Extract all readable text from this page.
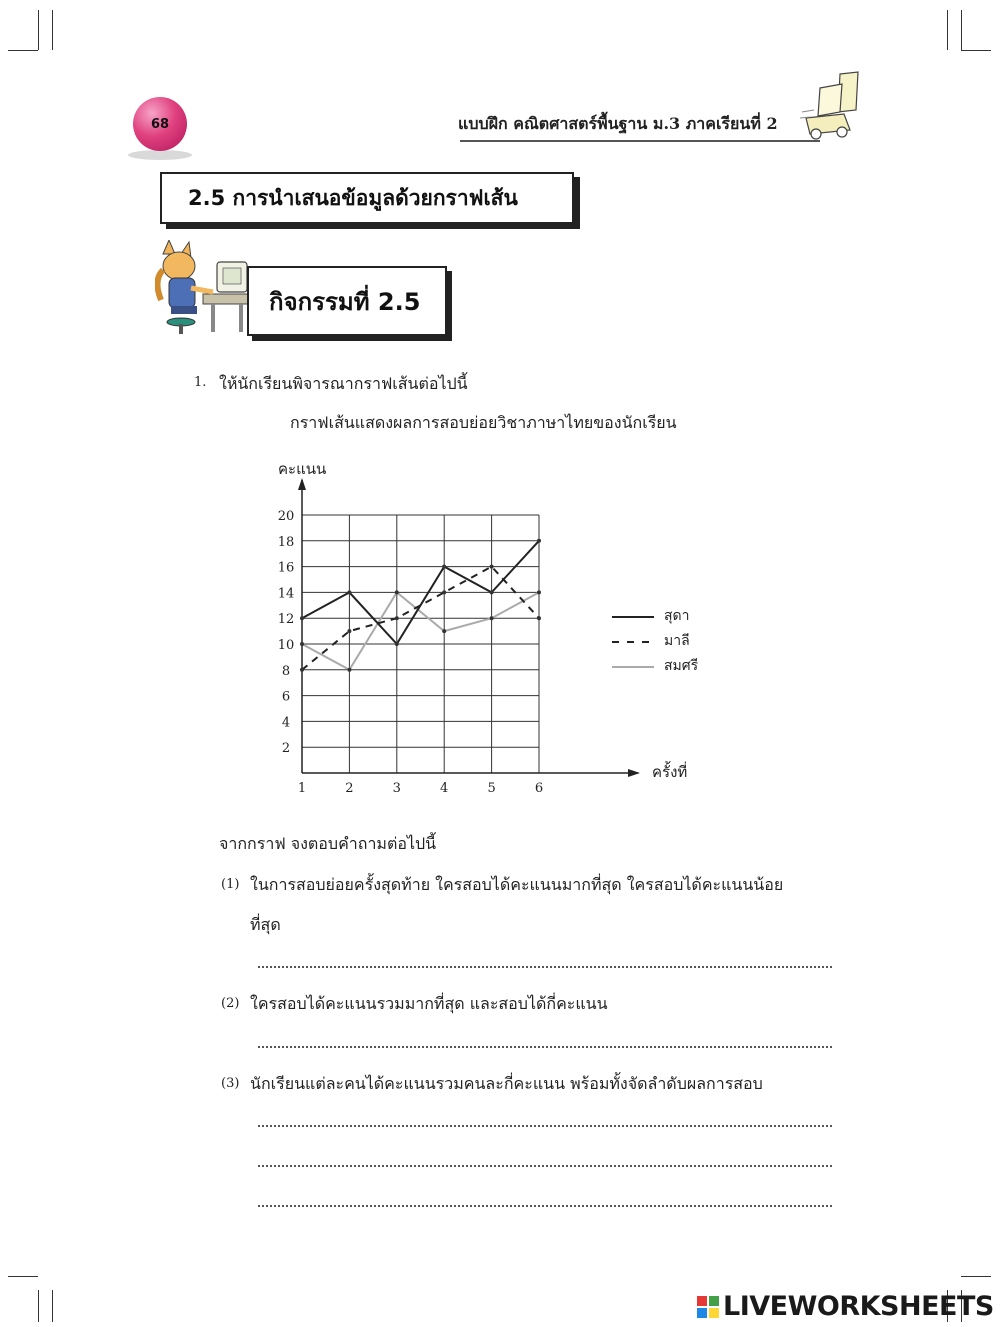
68	แบบฝึก คณิตศาสตร์พื้นฐาน ม.3 ภาคเรียนที่ 2
2.5 การนำเสนอข้อมูลด้วยกราฟเส้น
กิจกรรมที่ 2.5
1. ให้นักเรียนพิจารณากราฟเส้นต่อไปนี้
กราฟเส้นแสดงผลการสอบย่อยวิชาภาษาไทยของนักเรียน
คะแนน
ครั้งที่
2
4
6
8
10
12
14
16
18
20
1	2	3	4	5	6
สุดา
มาลี
สมศรี
จากกราฟ จงตอบคำถามต่อไปนี้
(1) ในการสอบย่อยครั้งสุดท้าย ใครสอบได้คะแนนมากที่สุด ใครสอบได้คะแนนน้อย
ที่สุด
(2) ใครสอบได้คะแนนรวมมากที่สุด และสอบได้กี่คะแนน
(3) นักเรียนแต่ละคนได้คะแนนรวมคนละกี่คะแนน พร้อมทั้งจัดลำดับผลการสอบ
LIVEWORKSHEETS
